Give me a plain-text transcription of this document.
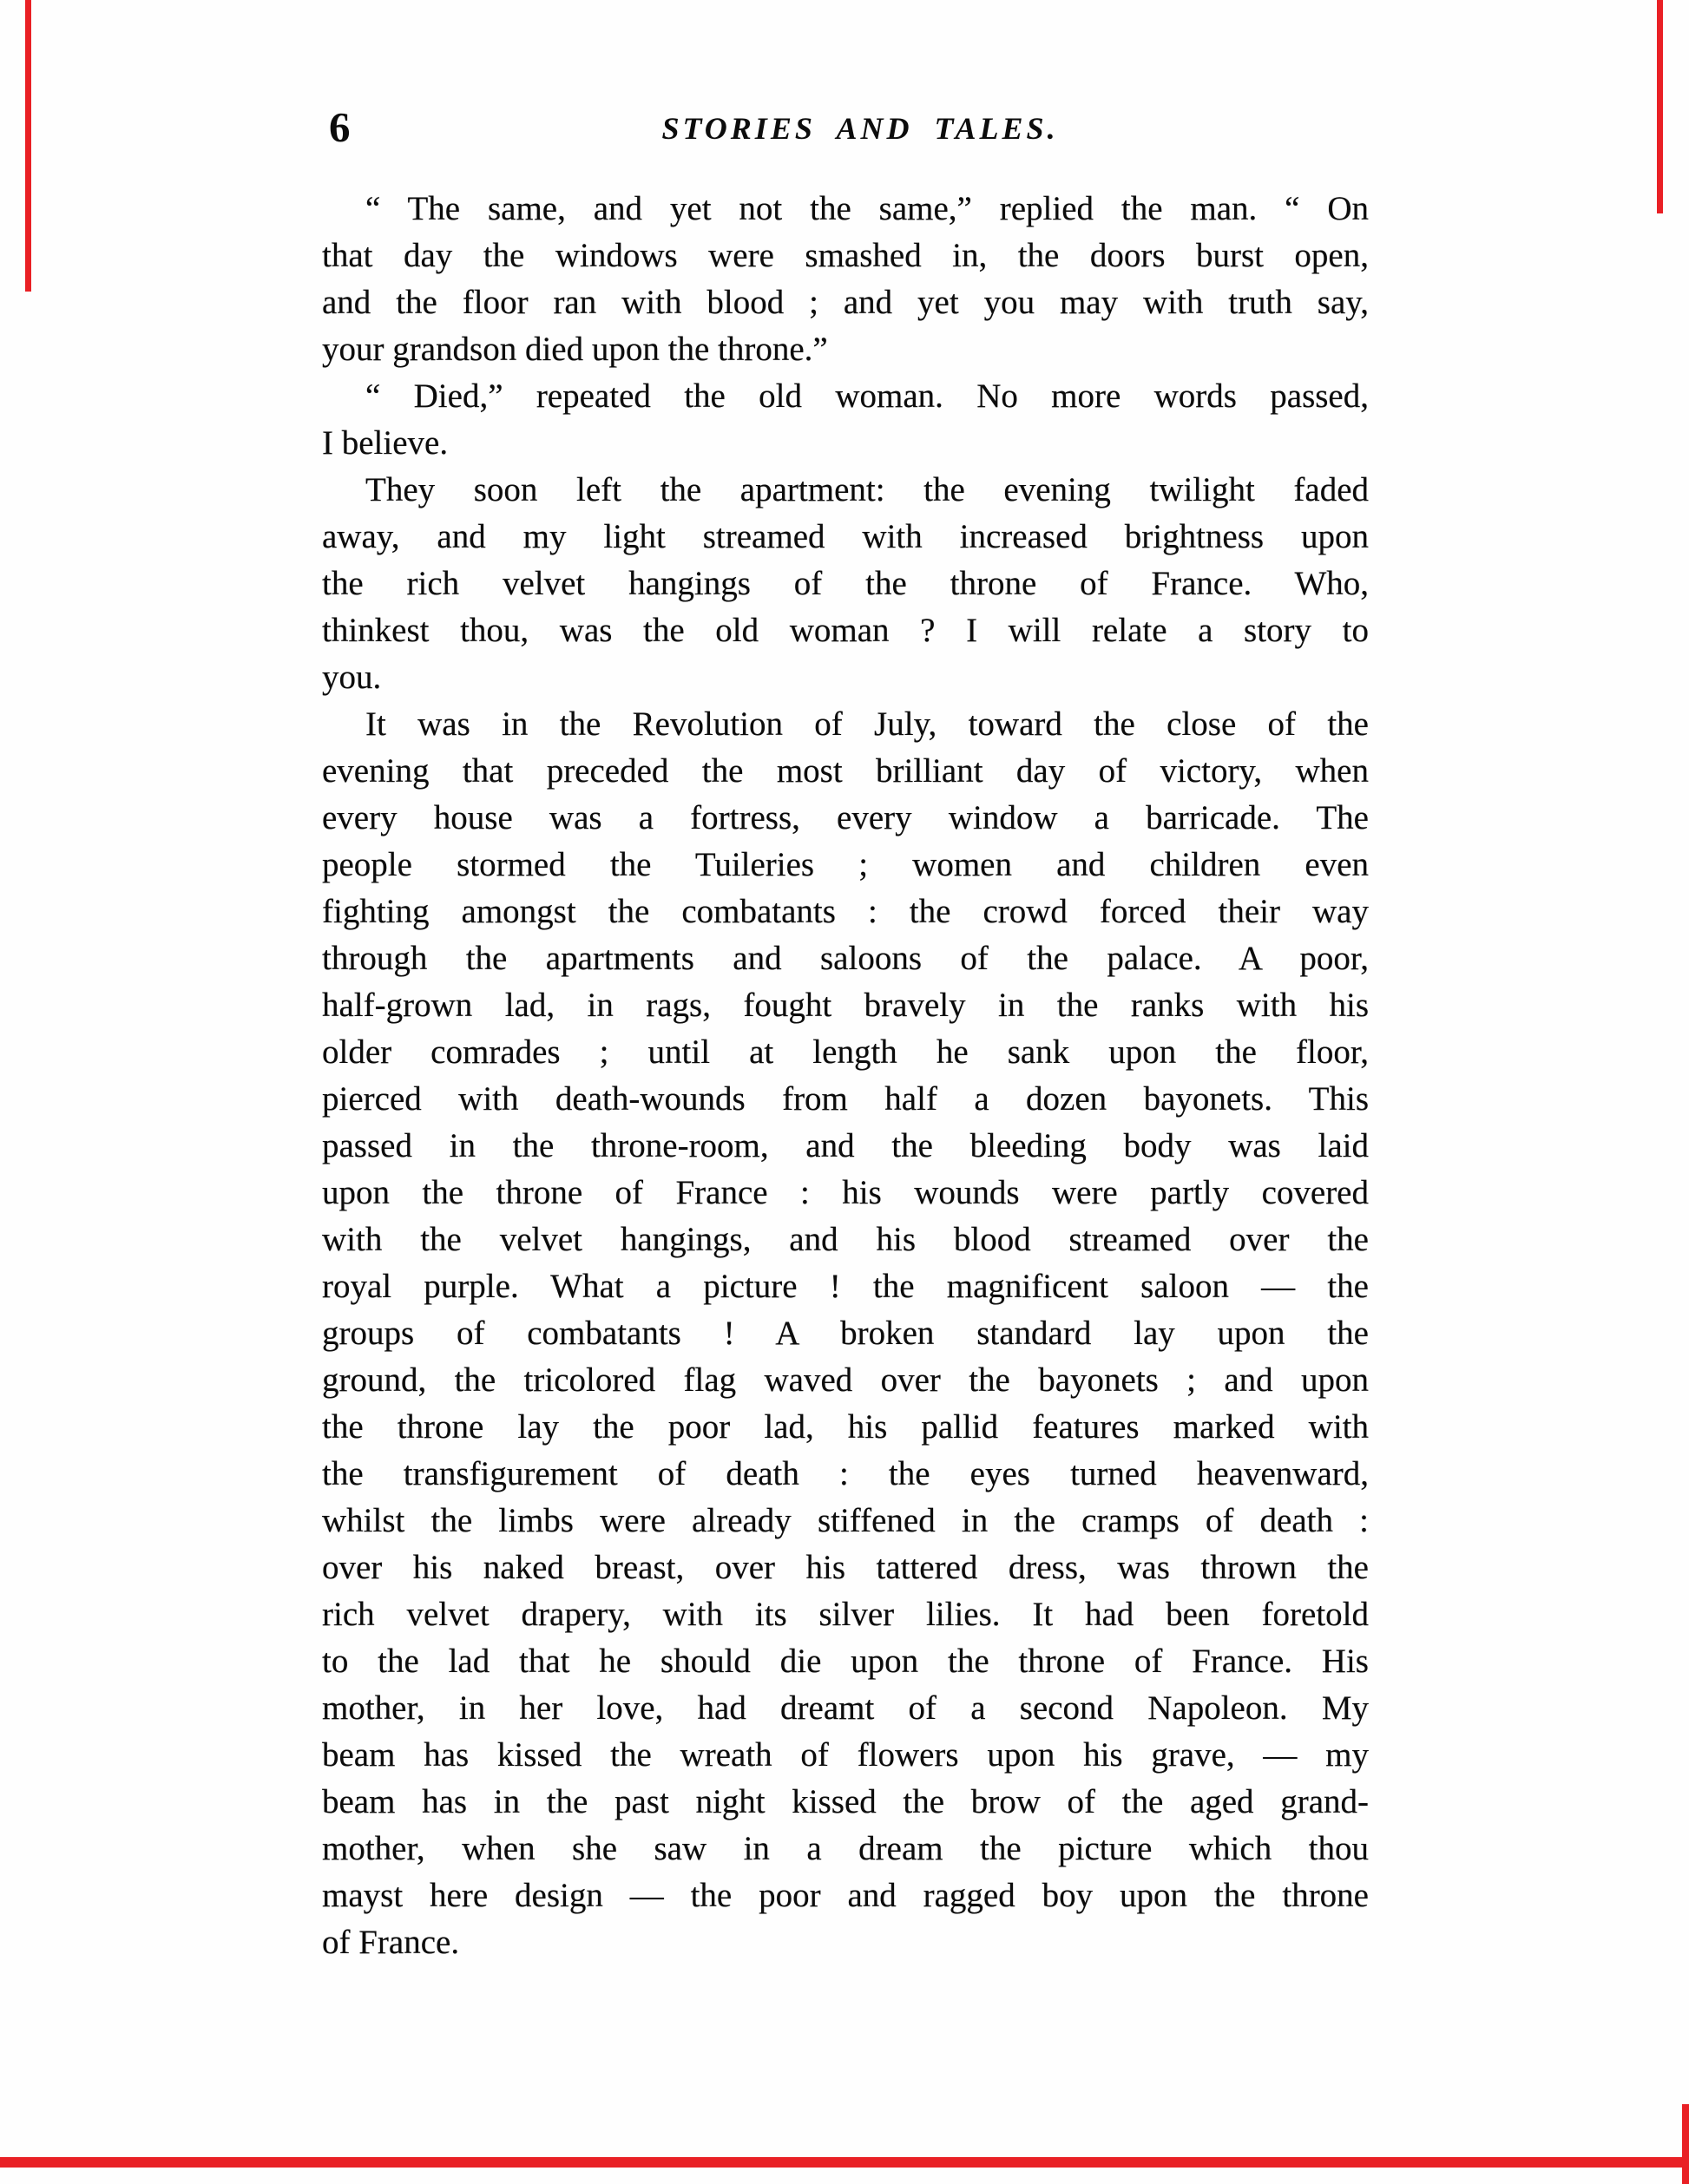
6	STORIES AND TALES.
“ The same, and yet not the same,” replied the man. “ On
that day the windows were smashed in, the doors burst open,
and the floor ran with blood ; and yet you may with truth say,
your grandson died upon the throne.”
“ Died,” repeated the old woman. No more words passed,
I believe.
They soon left the apartment: the evening twilight faded
away, and my light streamed with increased brightness upon
the rich velvet hangings of the throne of France. Who,
thinkest thou, was the old woman ? I will relate a story to
you.
It was in the Revolution of July, toward the close of the
evening that preceded the most brilliant day of victory, when
every house was a fortress, every window a barricade. The
people stormed the Tuileries ; women and children even
fighting amongst the combatants : the crowd forced their way
through the apartments and saloons of the palace. A poor,
half-grown lad, in rags, fought bravely in the ranks with his
older comrades ; until at length he sank upon the floor,
pierced with death-wounds from half a dozen bayonets. This
passed in the throne-room, and the bleeding body was laid
upon the throne of France : his wounds were partly covered
with the velvet hangings, and his blood streamed over the
royal purple. What a picture ! the magnificent saloon — the
groups of combatants ! A broken standard lay upon the
ground, the tricolored flag waved over the bayonets ; and upon
the throne lay the poor lad, his pallid features marked with
the transfigurement of death : the eyes turned heavenward,
whilst the limbs were already stiffened in the cramps of death :
over his naked breast, over his tattered dress, was thrown the
rich velvet drapery, with its silver lilies. It had been foretold
to the lad that he should die upon the throne of France. His
mother, in her love, had dreamt of a second Napoleon. My
beam has kissed the wreath of flowers upon his grave, — my
beam has in the past night kissed the brow of the aged grand-
mother, when she saw in a dream the picture which thou
mayst here design — the poor and ragged boy upon the throne
of France.
